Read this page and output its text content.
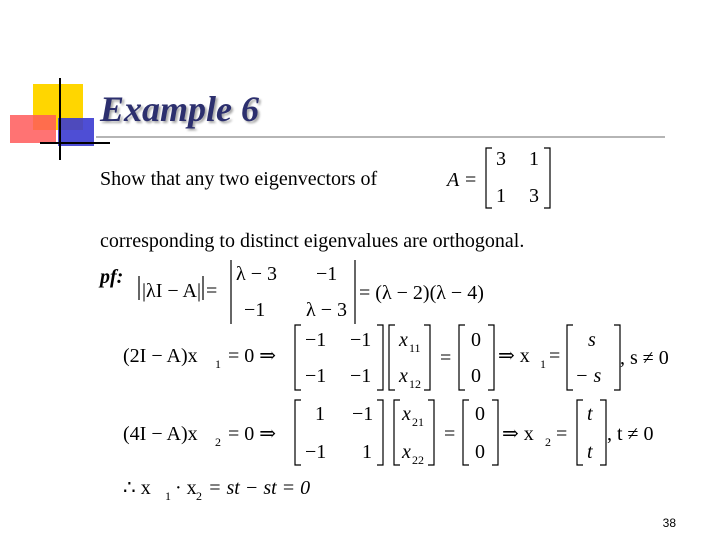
Example 6
Show that any two eigenvectors of
corresponding to distinct eigenvalues are orthogonal.
pf:
A =
3 1
1 3
|λI − A| =
λ − 3 −1
−1 λ − 3
= (λ − 2)(λ − 4)
(2I − A)x 1 = 0 ⇒
−1 −1
−1 −1
x 11
x 12
=
0
0
⇒ x 1 =
s
− s
, s ≠ 0
(4I − A)x 2 = 0 ⇒
1 −1
−1 1
x 21
x 22
=
0
0
⇒ x 2 =
t
t
, t ≠ 0
∴ x 1 · x 2 = st − st = 0
38
